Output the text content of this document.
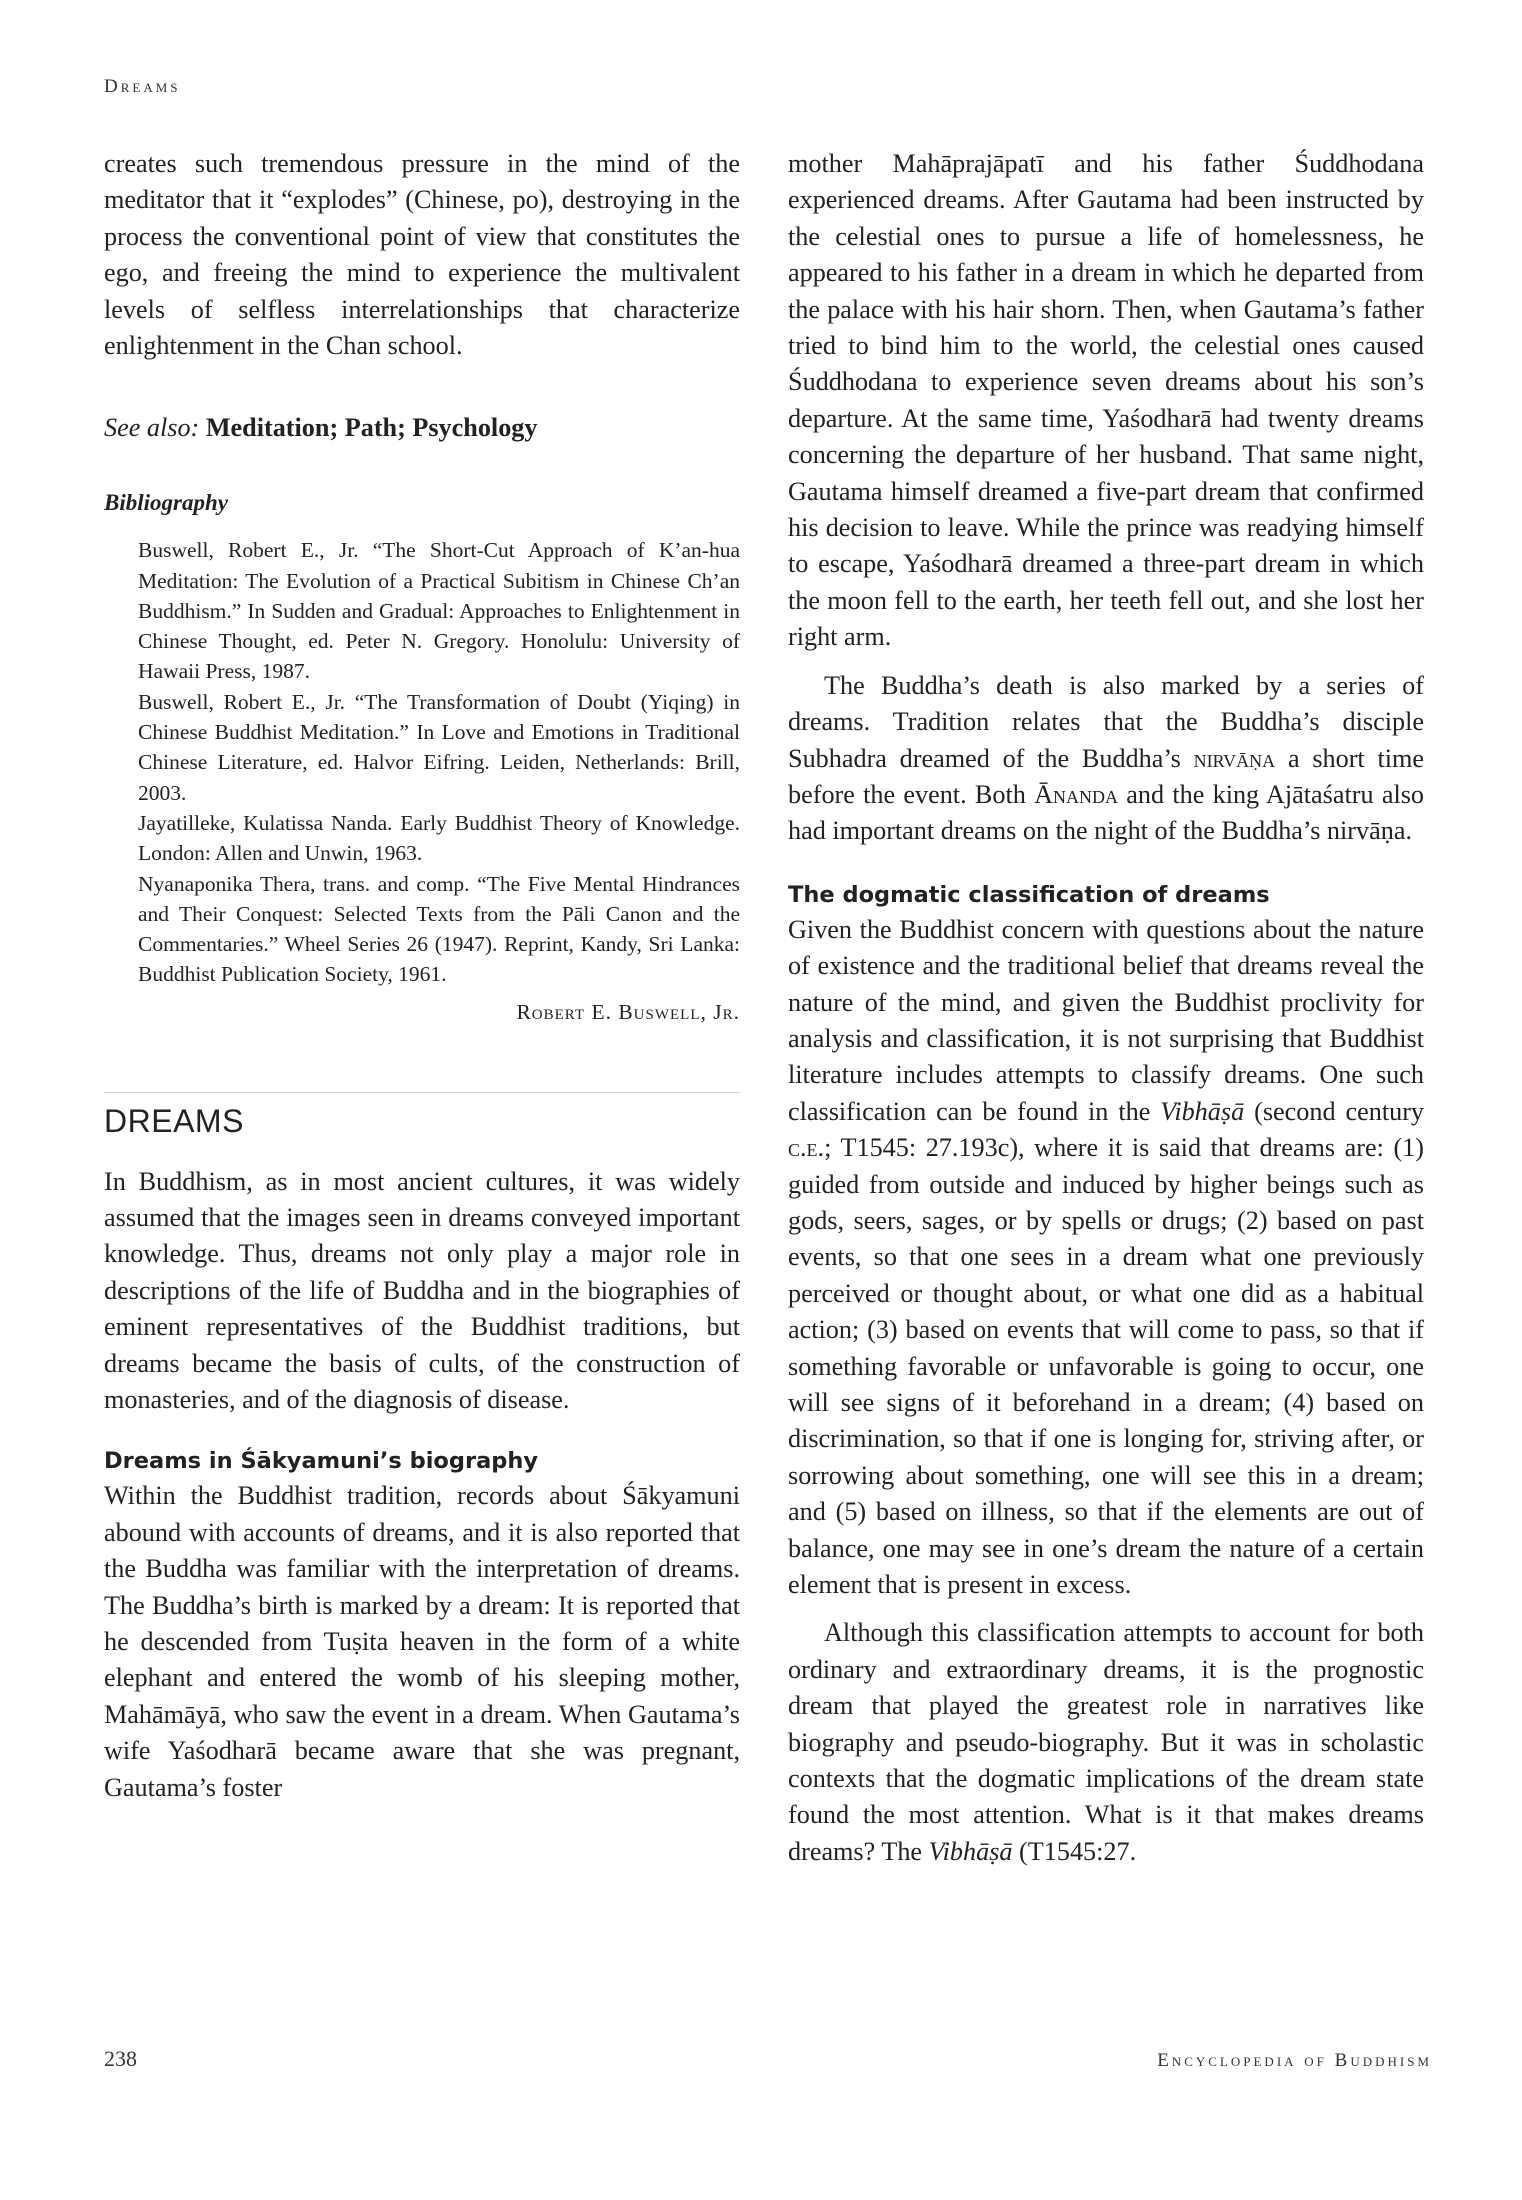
Dreams

creates such tremendous pressure in the mind of the meditator that it “explodes” (Chinese, po), destroying in the process the conventional point of view that constitutes the ego, and freeing the mind to experience the multivalent levels of selfless interrelationships that characterize enlightenment in the Chan school.

See also: Meditation; Path; Psychology

Bibliography

Buswell, Robert E., Jr. “The Short-Cut Approach of K’an-hua Meditation: The Evolution of a Practical Subitism in Chinese Ch’an Buddhism.” In Sudden and Gradual: Approaches to Enlightenment in Chinese Thought, ed. Peter N. Gregory. Honolulu: University of Hawaii Press, 1987.

Buswell, Robert E., Jr. “The Transformation of Doubt (Yiqing) in Chinese Buddhist Meditation.” In Love and Emotions in Traditional Chinese Literature, ed. Halvor Eifring. Leiden, Netherlands: Brill, 2003.

Jayatilleke, Kulatissa Nanda. Early Buddhist Theory of Knowledge. London: Allen and Unwin, 1963.

Nyanaponika Thera, trans. and comp. “The Five Mental Hindrances and Their Conquest: Selected Texts from the Pāli Canon and the Commentaries.” Wheel Series 26 (1947). Reprint, Kandy, Sri Lanka: Buddhist Publication Society, 1961.

Robert E. Buswell, Jr.
DREAMS

In Buddhism, as in most ancient cultures, it was widely assumed that the images seen in dreams conveyed important knowledge. Thus, dreams not only play a major role in descriptions of the life of Buddha and in the biographies of eminent representatives of the Buddhist traditions, but dreams became the basis of cults, of the construction of monasteries, and of the diagnosis of disease.

Dreams in Śākyamuni’s biography

Within the Buddhist tradition, records about Śākyamuni abound with accounts of dreams, and it is also reported that the Buddha was familiar with the interpretation of dreams. The Buddha’s birth is marked by a dream: It is reported that he descended from Tuṣita heaven in the form of a white elephant and entered the womb of his sleeping mother, Mahāmāyā, who saw the event in a dream. When Gautama’s wife Yaśodharā became aware that she was pregnant, Gautama’s foster

mother Mahāprajāpatī and his father Śuddhodana experienced dreams. After Gautama had been instructed by the celestial ones to pursue a life of homelessness, he appeared to his father in a dream in which he departed from the palace with his hair shorn. Then, when Gautama’s father tried to bind him to the world, the celestial ones caused Śuddhodana to experience seven dreams about his son’s departure. At the same time, Yaśodharā had twenty dreams concerning the departure of her husband. That same night, Gautama himself dreamed a five-part dream that confirmed his decision to leave. While the prince was readying himself to escape, Yaśodharā dreamed a three-part dream in which the moon fell to the earth, her teeth fell out, and she lost her right arm.

The Buddha’s death is also marked by a series of dreams. Tradition relates that the Buddha’s disciple Subhadra dreamed of the Buddha’s nirvāṇa a short time before the event. Both Ānanda and the king Ajātaśatru also had important dreams on the night of the Buddha’s nirvāṇa.

The dogmatic classification of dreams

Given the Buddhist concern with questions about the nature of existence and the traditional belief that dreams reveal the nature of the mind, and given the Buddhist proclivity for analysis and classification, it is not surprising that Buddhist literature includes attempts to classify dreams. One such classification can be found in the Vibhāṣā (second century c.e.; T1545: 27.193c), where it is said that dreams are: (1) guided from outside and induced by higher beings such as gods, seers, sages, or by spells or drugs; (2) based on past events, so that one sees in a dream what one previously perceived or thought about, or what one did as a habitual action; (3) based on events that will come to pass, so that if something favorable or unfavorable is going to occur, one will see signs of it beforehand in a dream; (4) based on discrimination, so that if one is longing for, striving after, or sorrowing about something, one will see this in a dream; and (5) based on illness, so that if the elements are out of balance, one may see in one’s dream the nature of a certain element that is present in excess.

Although this classification attempts to account for both ordinary and extraordinary dreams, it is the prognostic dream that played the greatest role in narratives like biography and pseudo-biography. But it was in scholastic contexts that the dogmatic implications of the dream state found the most attention. What is it that makes dreams dreams? The Vibhāṣā (T1545:27.

238	Encyclopedia of Buddhism
